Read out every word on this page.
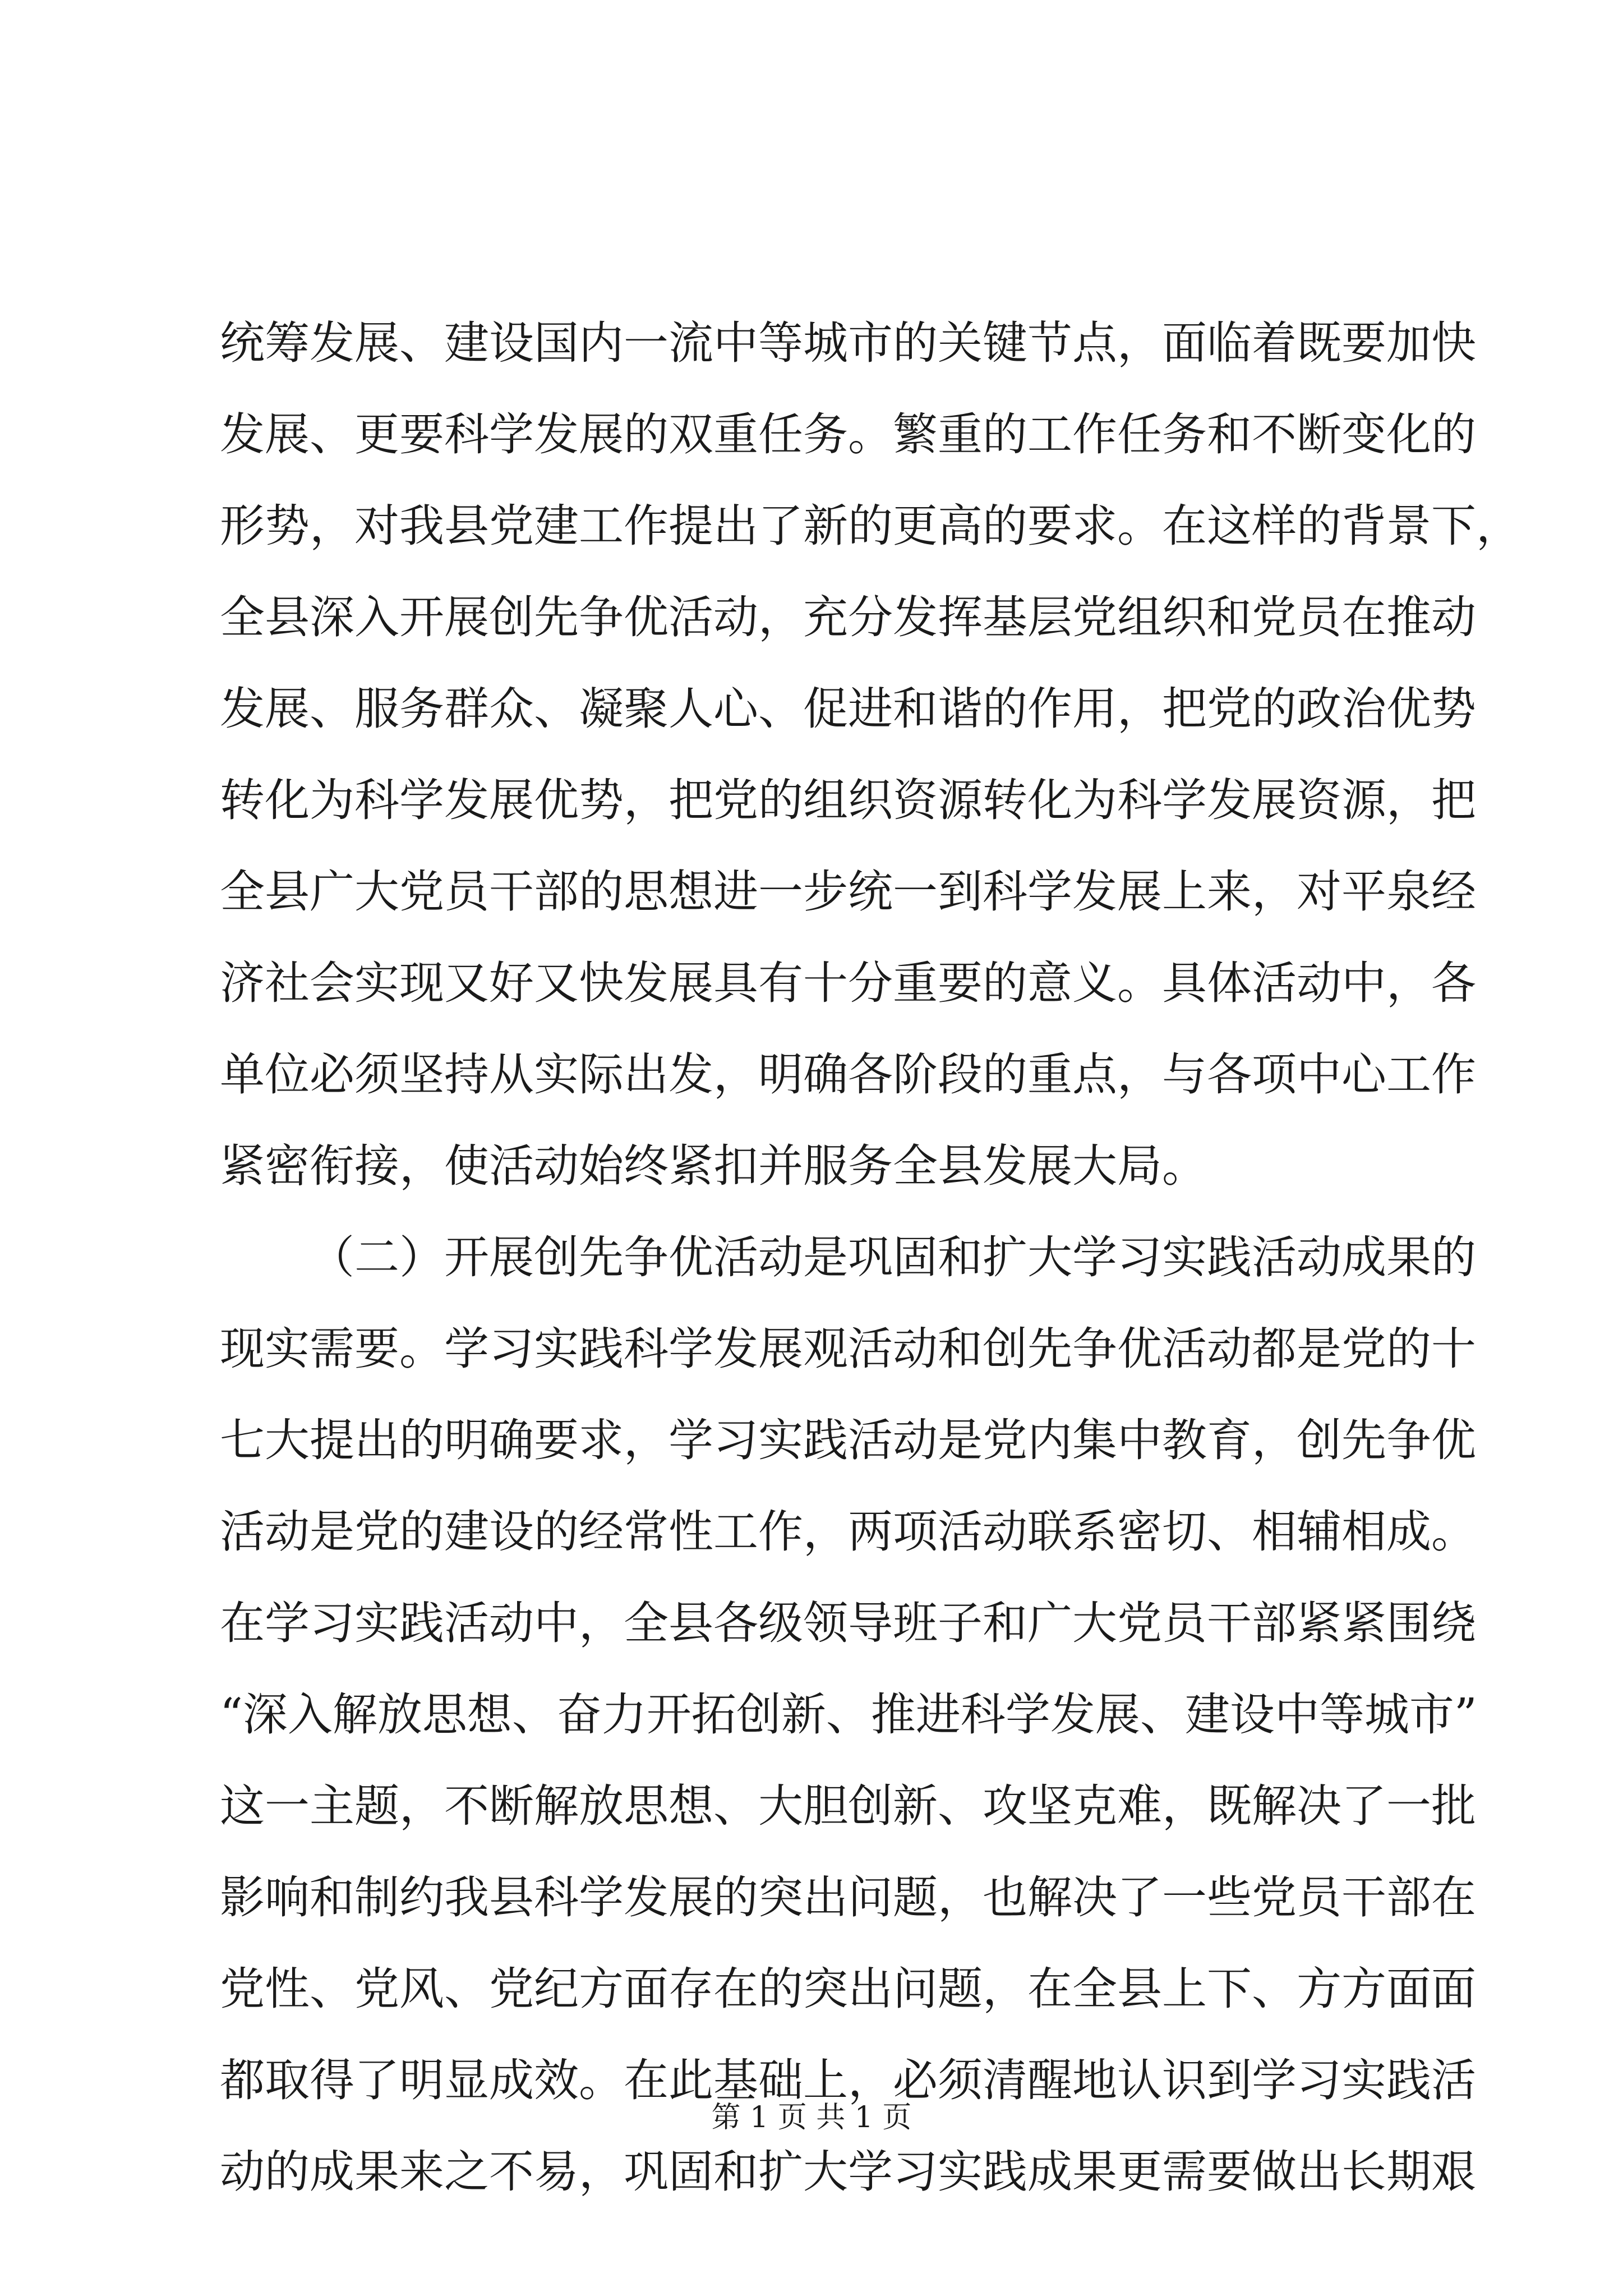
统筹发展、建设国内一流中等城市的关键节点，面临着既要加快
发展、更要科学发展的双重任务。繁重的工作任务和不断变化的
形势，对我县党建工作提出了新的更高的要求。在这样的背景下，
全县深入开展创先争优活动，充分发挥基层党组织和党员在推动
发展、服务群众、凝聚人心、促进和谐的作用，把党的政治优势
转化为科学发展优势，把党的组织资源转化为科学发展资源，把
全县广大党员干部的思想进一步统一到科学发展上来，对平泉经
济社会实现又好又快发展具有十分重要的意义。具体活动中，各
单位必须坚持从实际出发，明确各阶段的重点，与各项中心工作
紧密衔接，使活动始终紧扣并服务全县发展大局。
（二）开展创先争优活动是巩固和扩大学习实践活动成果的
现实需要。学习实践科学发展观活动和创先争优活动都是党的十
七大提出的明确要求，学习实践活动是党内集中教育，创先争优
活动是党的建设的经常性工作，两项活动联系密切、相辅相成。
在学习实践活动中，全县各级领导班子和广大党员干部紧紧围绕
“深入解放思想、奋力开拓创新、推进科学发展、建设中等城市”
这一主题，不断解放思想、大胆创新、攻坚克难，既解决了一批
影响和制约我县科学发展的突出问题，也解决了一些党员干部在
党性、党风、党纪方面存在的突出问题，在全县上下、方方面面
都取得了明显成效。在此基础上，必须清醒地认识到学习实践活
动的成果来之不易，巩固和扩大学习实践成果更需要做出长期艰
第 1 页 共 1 页
